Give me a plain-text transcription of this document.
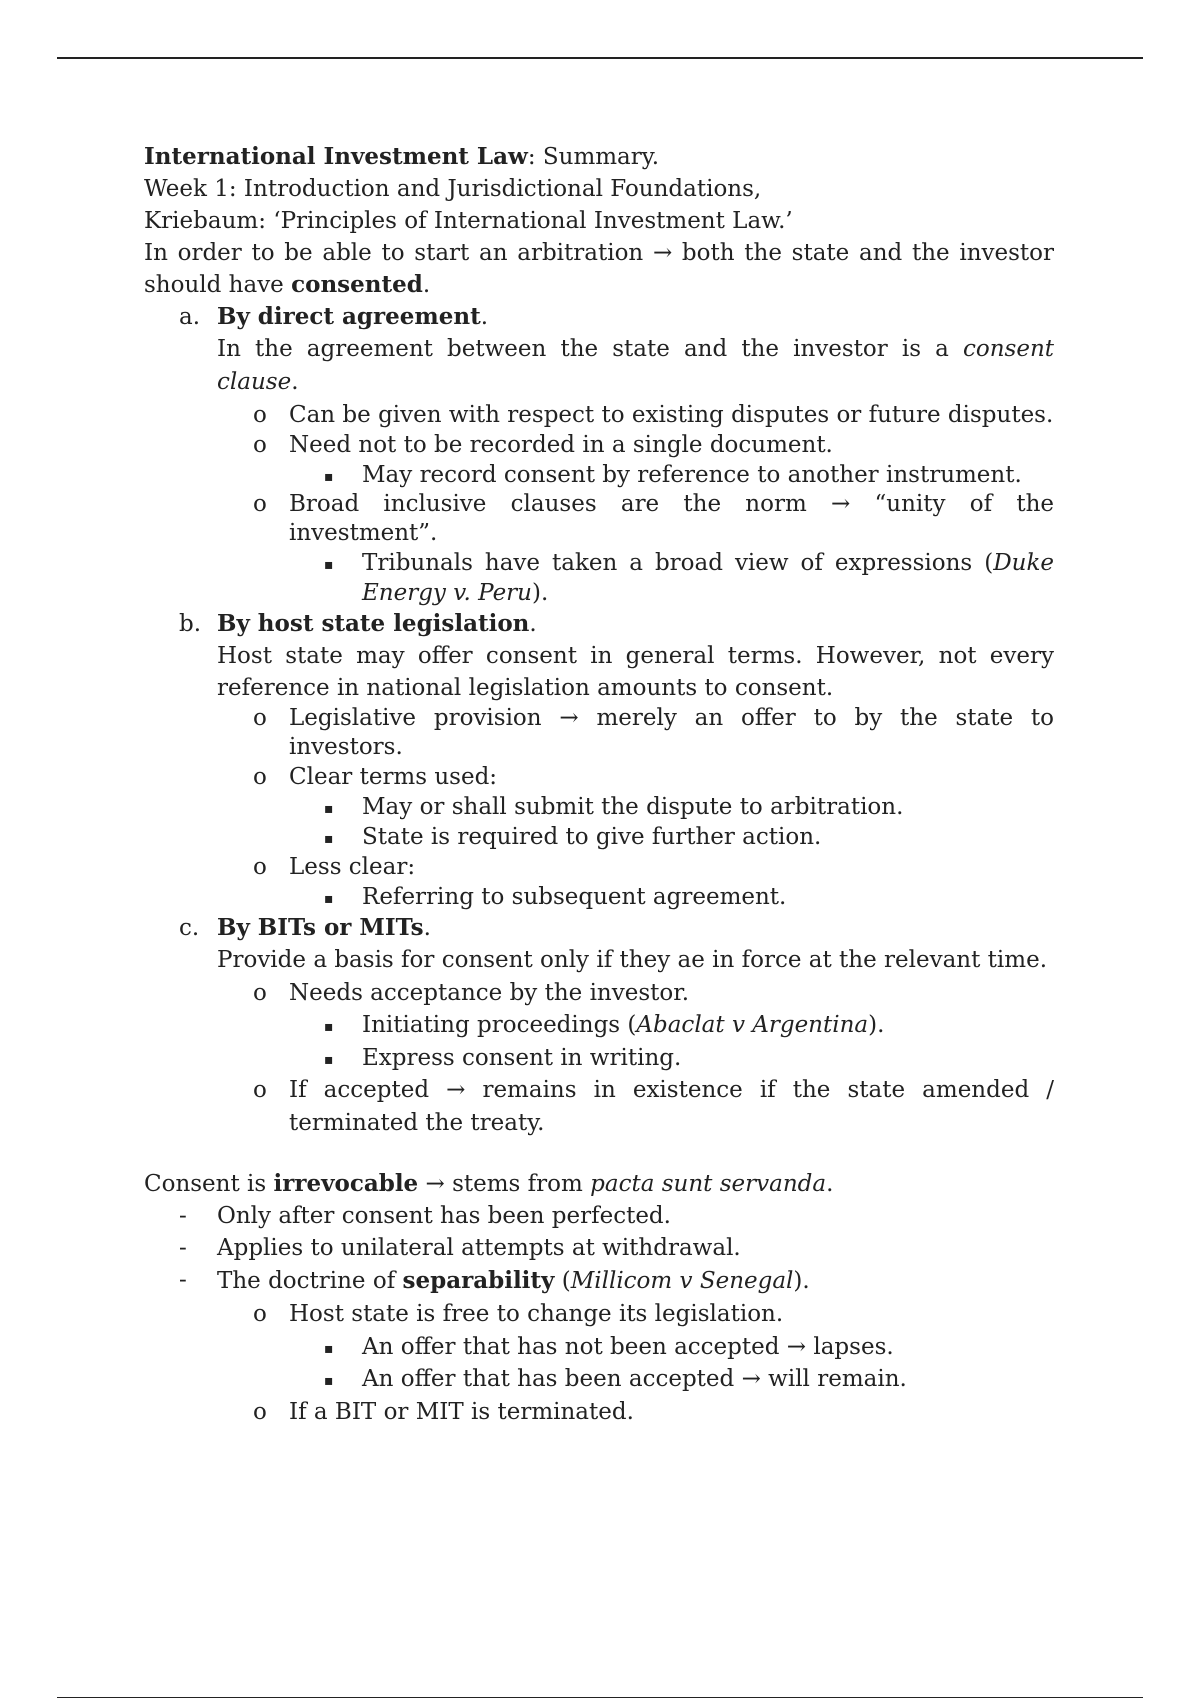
International Investment Law: Summary.

Week 1: Introduction and Jurisdictional Foundations,

Kriebaum: ‘Principles of International Investment Law.’

In order to be able to start an arbitration → both the state and the investor should have consented.

a. By direct agreement.

In the agreement between the state and the investor is a consent clause.

o Can be given with respect to existing disputes or future disputes.
o Need not to be recorded in a single document.
▪ May record consent by reference to another instrument.
o Broad inclusive clauses are the norm → “unity of the investment”.
▪ Tribunals have taken a broad view of expressions (Duke Energy v. Peru).
b. By host state legislation.

Host state may offer consent in general terms. However, not every reference in national legislation amounts to consent.

o Legislative provision → merely an offer to by the state to investors.
o Clear terms used:
▪ May or shall submit the dispute to arbitration.
▪ State is required to give further action.
o Less clear:
▪ Referring to subsequent agreement.
c. By BITs or MITs.

Provide a basis for consent only if they ae in force at the relevant time.

o Needs acceptance by the investor.
▪ Initiating proceedings (Abaclat v Argentina).
▪ Express consent in writing.
o If accepted → remains in existence if the state amended / terminated the treaty.

Consent is irrevocable → stems from pacta sunt servanda.

- Only after consent has been perfected.
- Applies to unilateral attempts at withdrawal.
- The doctrine of separability (Millicom v Senegal).
o Host state is free to change its legislation.
▪ An offer that has not been accepted → lapses.
▪ An offer that has been accepted → will remain.
o If a BIT or MIT is terminated.
